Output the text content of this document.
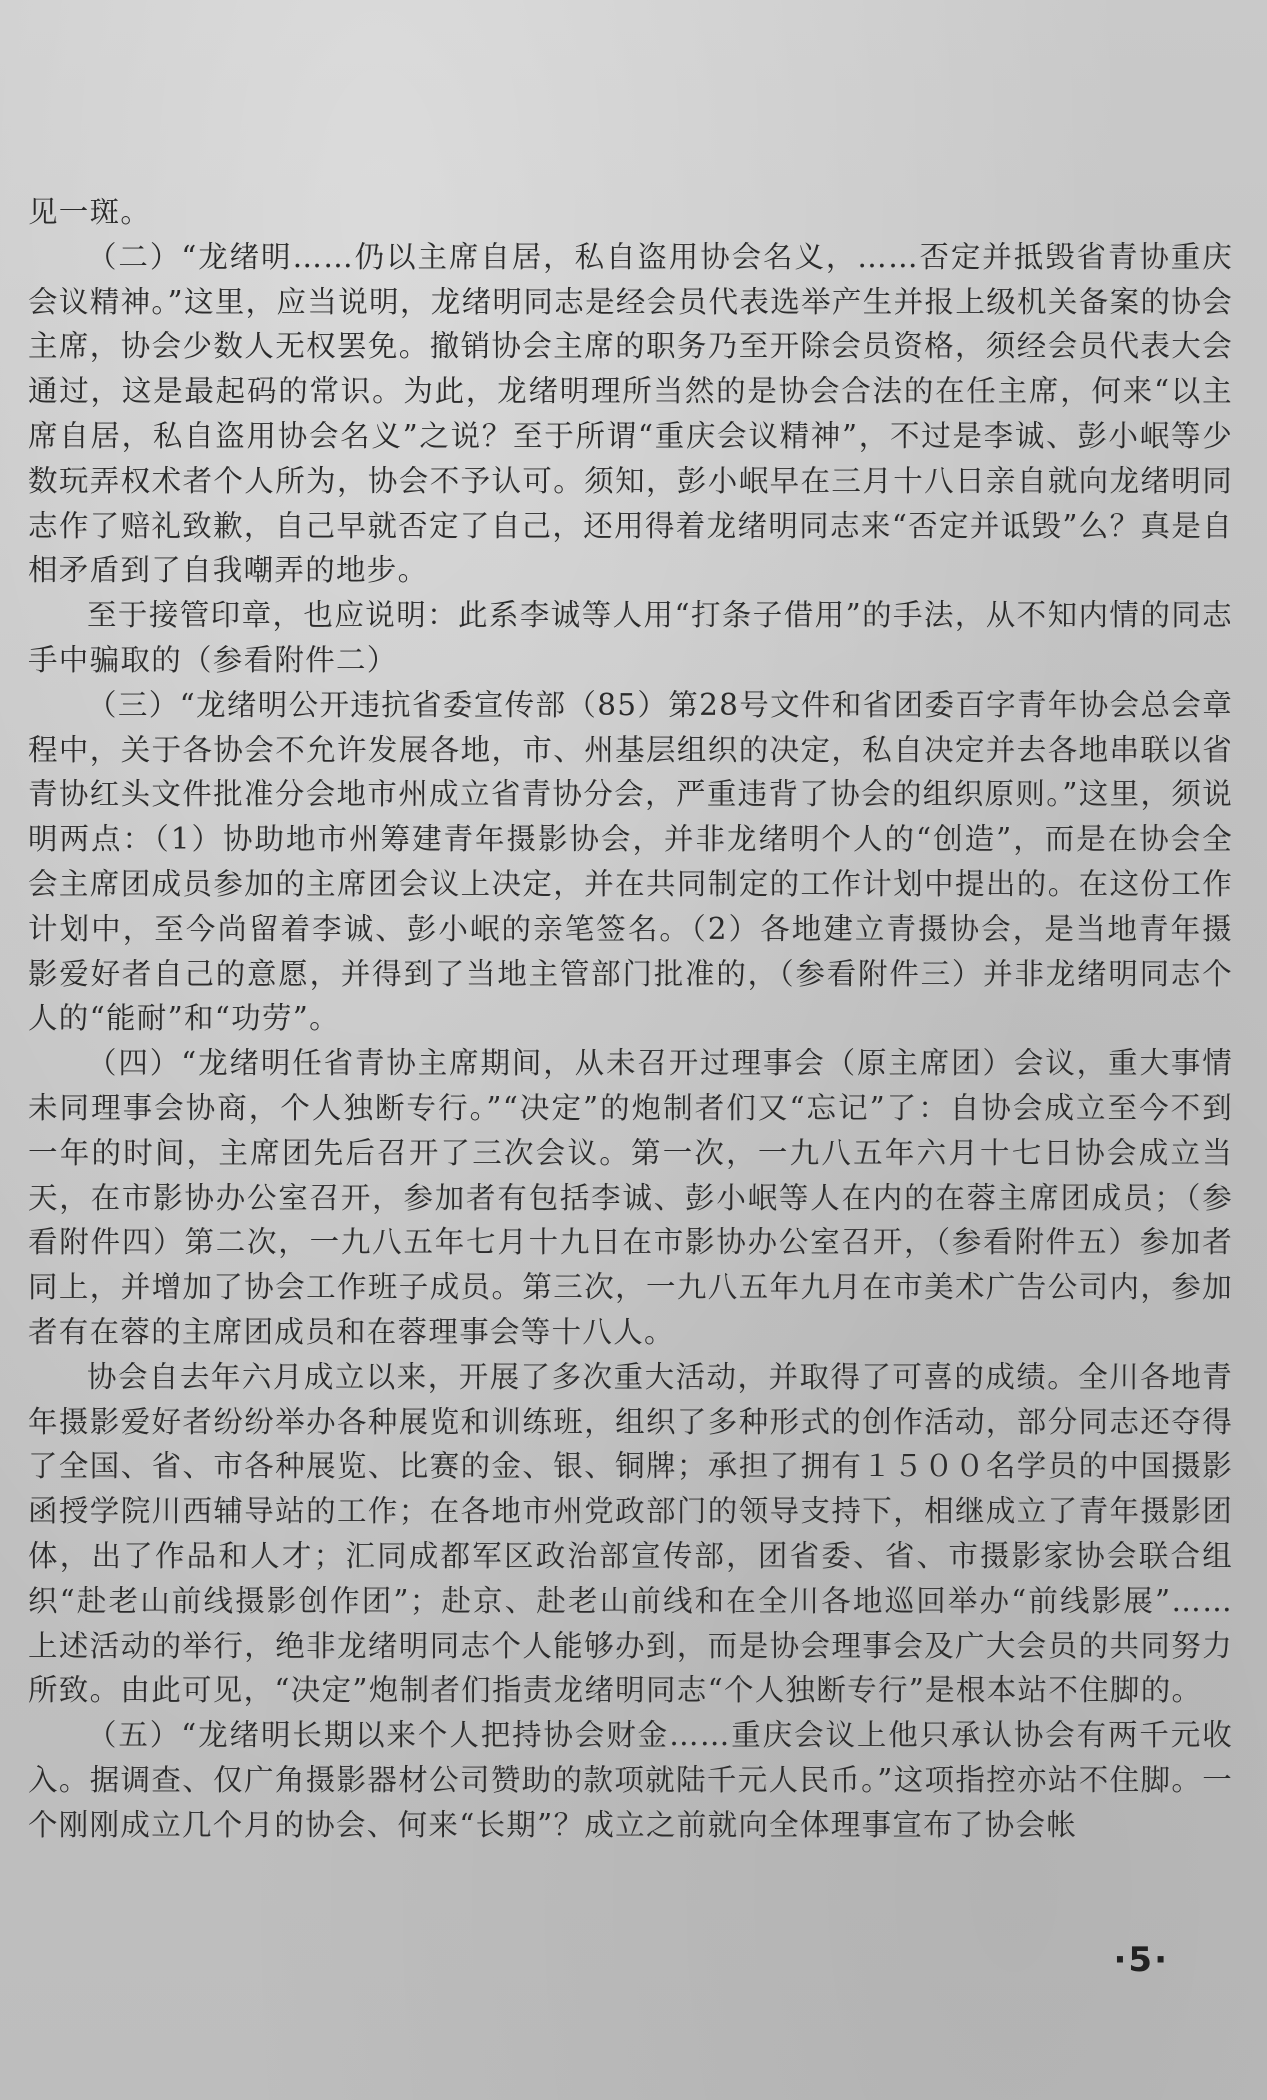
见一斑。

（二）“龙绪明……仍以主席自居，私自盗用协会名义，……否定并抵毁省青协重庆会议精神。”这里，应当说明，龙绪明同志是经会员代表选举产生并报上级机关备案的协会主席，协会少数人无权罢免。撤销协会主席的职务乃至开除会员资格，须经会员代表大会通过，这是最起码的常识。为此，龙绪明理所当然的是协会合法的在任主席，何来“以主席自居，私自盗用协会名义”之说？至于所谓“重庆会议精神”，不过是李诚、彭小岷等少数玩弄权术者个人所为，协会不予认可。须知，彭小岷早在三月十八日亲自就向龙绪明同志作了赔礼致歉，自己早就否定了自己，还用得着龙绪明同志来“否定并诋毁”么？真是自相矛盾到了自我嘲弄的地步。

至于接管印章，也应说明：此系李诚等人用“打条子借用”的手法，从不知内情的同志手中骗取的（参看附件二）

（三）“龙绪明公开违抗省委宣传部（85）第28号文件和省团委百字青年协会总会章程中，关于各协会不允许发展各地，市、州基层组织的决定，私自决定并去各地串联以省青协红头文件批准分会地市州成立省青协分会，严重违背了协会的组织原则。”这里，须说明两点：（1）协助地市州筹建青年摄影协会，并非龙绪明个人的“创造”，而是在协会全会主席团成员参加的主席团会议上决定，并在共同制定的工作计划中提出的。在这份工作计划中，至今尚留着李诚、彭小岷的亲笔签名。（2）各地建立青摄协会，是当地青年摄影爱好者自己的意愿，并得到了当地主管部门批准的，（参看附件三）并非龙绪明同志个人的“能耐”和“功劳”。

（四）“龙绪明任省青协主席期间，从未召开过理事会（原主席团）会议，重大事情未同理事会协商，个人独断专行。”“决定”的炮制者们又“忘记”了：自协会成立至今不到一年的时间，主席团先后召开了三次会议。第一次，一九八五年六月十七日协会成立当天，在市影协办公室召开，参加者有包括李诚、彭小岷等人在内的在蓉主席团成员；（参看附件四）第二次，一九八五年七月十九日在市影协办公室召开，（参看附件五）参加者同上，并增加了协会工作班子成员。第三次，一九八五年九月在市美术广告公司内，参加者有在蓉的主席团成员和在蓉理事会等十八人。

协会自去年六月成立以来，开展了多次重大活动，并取得了可喜的成绩。全川各地青年摄影爱好者纷纷举办各种展览和训练班，组织了多种形式的创作活动，部分同志还夺得了全国、省、市各种展览、比赛的金、银、铜牌；承担了拥有１５００名学员的中国摄影函授学院川西辅导站的工作；在各地市州党政部门的领导支持下，相继成立了青年摄影团体，出了作品和人才；汇同成都军区政治部宣传部，团省委、省、市摄影家协会联合组织“赴老山前线摄影创作团”；赴京、赴老山前线和在全川各地巡回举办“前线影展”……上述活动的举行，绝非龙绪明同志个人能够办到，而是协会理事会及广大会员的共同努力所致。由此可见，“决定”炮制者们指责龙绪明同志“个人独断专行”是根本站不住脚的。

（五）“龙绪明长期以来个人把持协会财金……重庆会议上他只承认协会有两千元收入。据调查、仅广角摄影器材公司赞助的款项就陆千元人民币。”这项指控亦站不住脚。一个刚刚成立几个月的协会、何来“长期”？成立之前就向全体理事宣布了协会帐

·5·
